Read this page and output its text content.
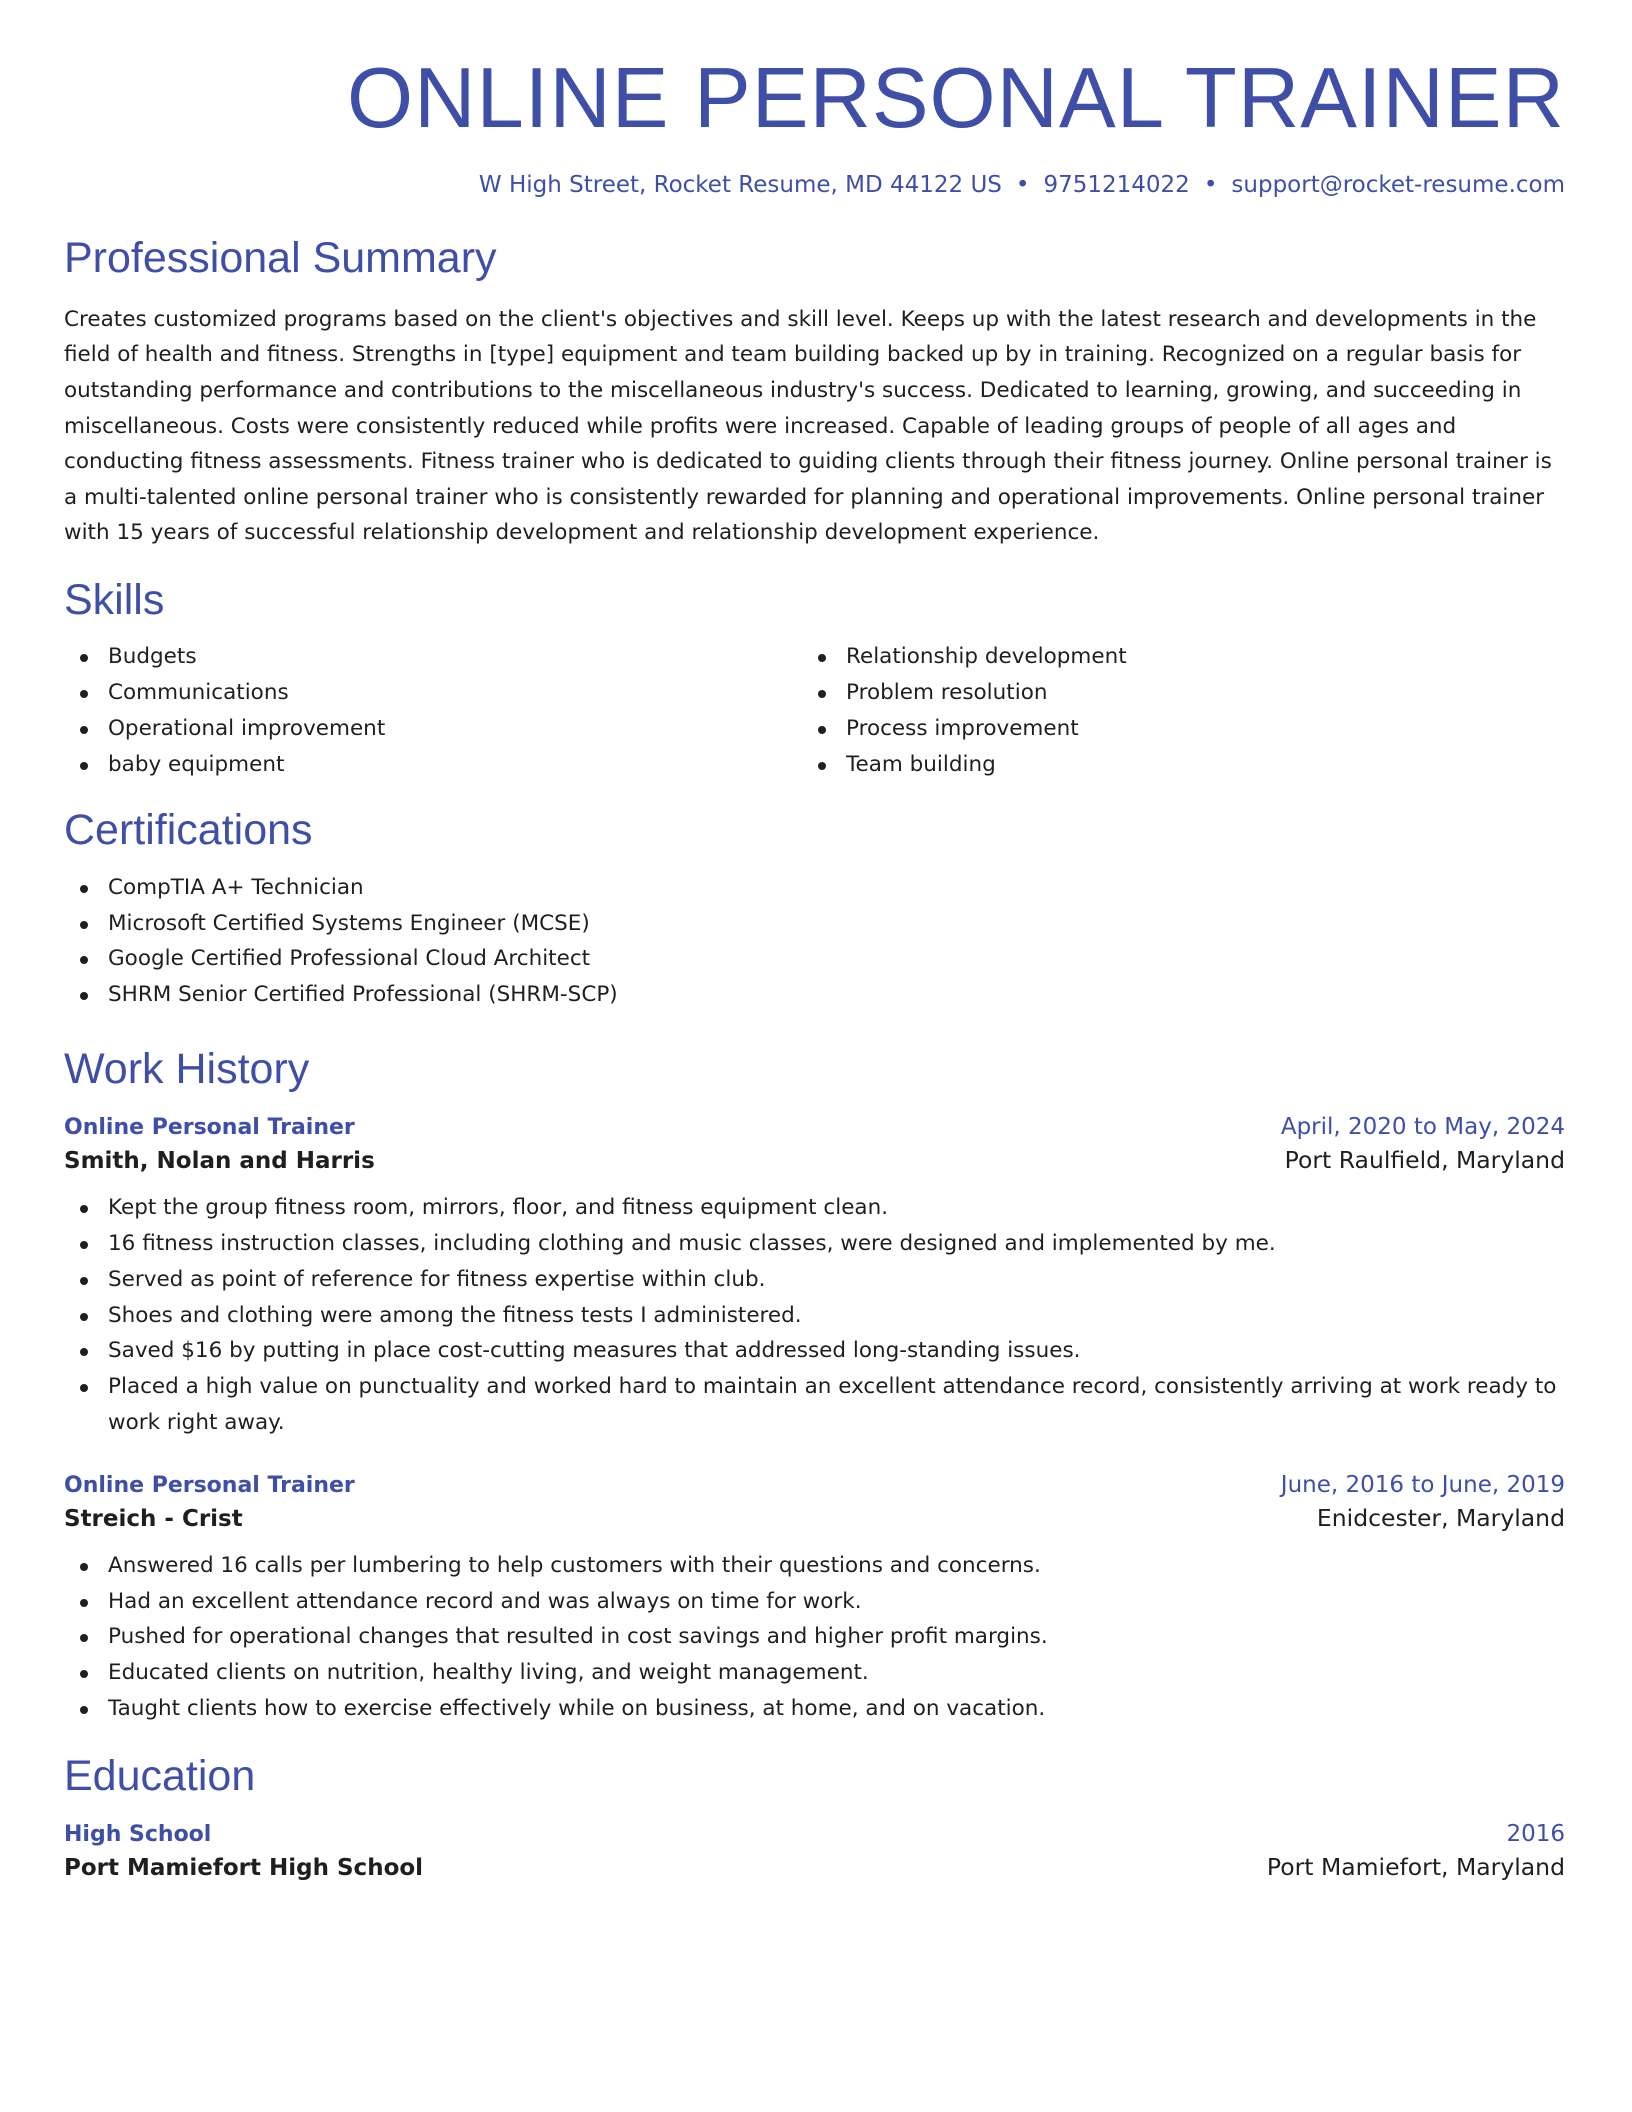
ONLINE PERSONAL TRAINER
W High Street, Rocket Resume, MD 44122 US • 9751214022 • support@rocket-resume.com
Professional Summary

Creates customized programs based on the client's objectives and skill level. Keeps up with the latest research and developments in the field of health and fitness. Strengths in [type] equipment and team building backed up by in training. Recognized on a regular basis for outstanding performance and contributions to the miscellaneous industry's success. Dedicated to learning, growing, and succeeding in miscellaneous. Costs were consistently reduced while profits were increased. Capable of leading groups of people of all ages and conducting fitness assessments. Fitness trainer who is dedicated to guiding clients through their fitness journey. Online personal trainer is a multi-talented online personal trainer who is consistently rewarded for planning and operational improvements. Online personal trainer with 15 years of successful relationship development and relationship development experience.

Skills
Budgets
Communications
Operational improvement
baby equipment
Relationship development
Problem resolution
Process improvement
Team building
Certifications
CompTIA A+ Technician
Microsoft Certified Systems Engineer (MCSE)
Google Certified Professional Cloud Architect
SHRM Senior Certified Professional (SHRM-SCP)
Work History
Online Personal Trainer	April, 2020 to May, 2024
Smith, Nolan and Harris	Port Raulfield, Maryland
Kept the group fitness room, mirrors, floor, and fitness equipment clean.
16 fitness instruction classes, including clothing and music classes, were designed and implemented by me.
Served as point of reference for fitness expertise within club.
Shoes and clothing were among the fitness tests I administered.
Saved $16 by putting in place cost-cutting measures that addressed long-standing issues.
Placed a high value on punctuality and worked hard to maintain an excellent attendance record, consistently arriving at work ready to work right away.
Online Personal Trainer	June, 2016 to June, 2019
Streich - Crist	Enidcester, Maryland
Answered 16 calls per lumbering to help customers with their questions and concerns.
Had an excellent attendance record and was always on time for work.
Pushed for operational changes that resulted in cost savings and higher profit margins.
Educated clients on nutrition, healthy living, and weight management.
Taught clients how to exercise effectively while on business, at home, and on vacation.
Education
High School	2016
Port Mamiefort High School	Port Mamiefort, Maryland
